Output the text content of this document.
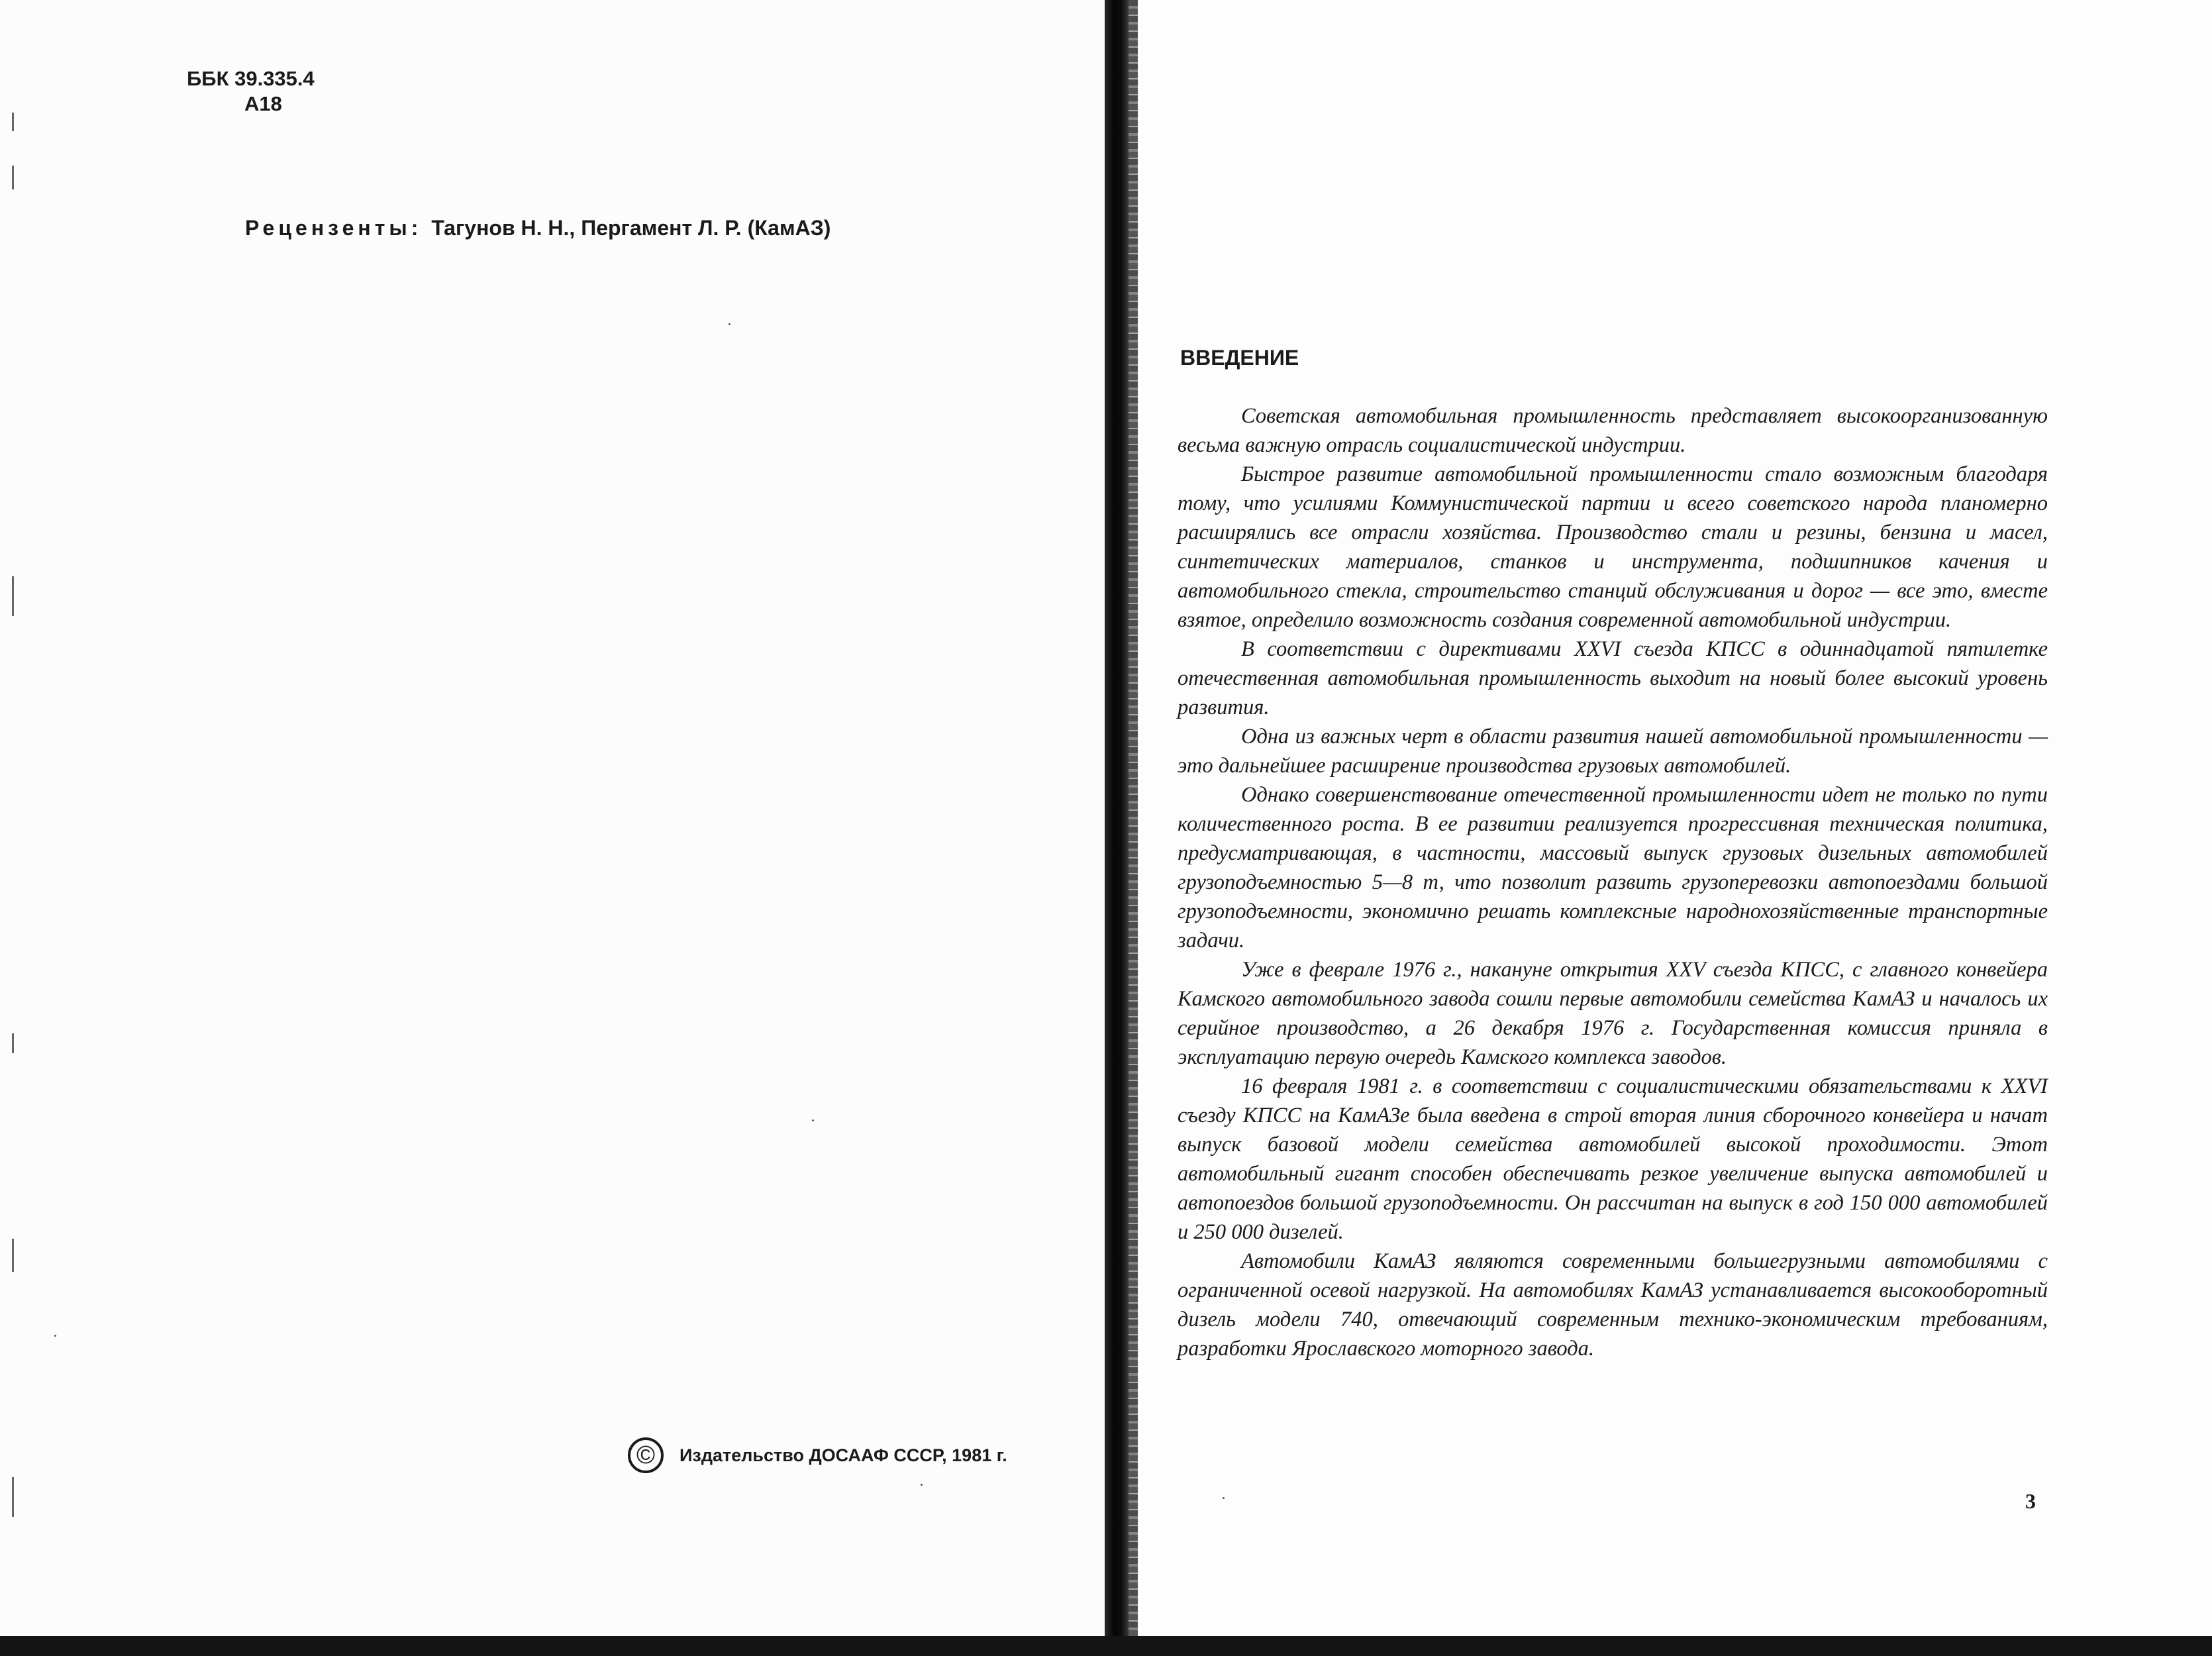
ББК 39.335.4
А18
Рецензенты: Тагунов Н. Н., Пергамент Л. Р. (КамАЗ)
©	Издательство ДОСААФ СССР, 1981 г.
ВВЕДЕНИЕ

Советская автомобильная промышленность представляет высокоорганизованную весьма важную отрасль социалистической индустрии.

Быстрое развитие автомобильной промышленности стало возможным благодаря тому, что усилиями Коммунистической партии и всего советского народа планомерно расширялись все отрасли хозяйства. Производство стали и резины, бензина и масел, синтетических материалов, станков и инструмента, подшипников качения и автомобильного стекла, строительство станций обслуживания и дорог — все это, вместе взятое, определило возможность создания современной автомобильной индустрии.

В соответствии с директивами XXVI съезда КПСС в одиннадцатой пятилетке отечественная автомобильная промышленность выходит на новый более высокий уровень развития.

Одна из важных черт в области развития нашей автомобильной промышленности — это дальнейшее расширение производства грузовых автомобилей.

Однако совершенствование отечественной промышленности идет не только по пути количественного роста. В ее развитии реализуется прогрессивная техническая политика, предусматривающая, в частности, массовый выпуск грузовых дизельных автомобилей грузоподъемностью 5—8 т, что позволит развить грузоперевозки автопоездами большой грузоподъемности, экономично решать комплексные народнохозяйственные транспортные задачи.

Уже в феврале 1976 г., накануне открытия XXV съезда КПСС, с главного конвейера Камского автомобильного завода сошли первые автомобили семейства КамАЗ и началось их серийное производство, а 26 декабря 1976 г. Государственная комиссия приняла в эксплуатацию первую очередь Камского комплекса заводов.

16 февраля 1981 г. в соответствии с социалистическими обязательствами к XXVI съезду КПСС на КамАЗе была введена в строй вторая линия сборочного конвейера и начат выпуск базовой модели семейства автомобилей высокой проходимости. Этот автомобильный гигант способен обеспечивать резкое увеличение выпуска автомобилей и автопоездов большой грузоподъемности. Он рассчитан на выпуск в год 150 000 автомобилей и 250 000 дизелей.

Автомобили КамАЗ являются современными большегрузными автомобилями с ограниченной осевой нагрузкой. На автомобилях КамАЗ устанавливается высокооборотный дизель модели 740, отвечающий современным технико-экономическим требованиям, разработки Ярославского моторного завода.

3
